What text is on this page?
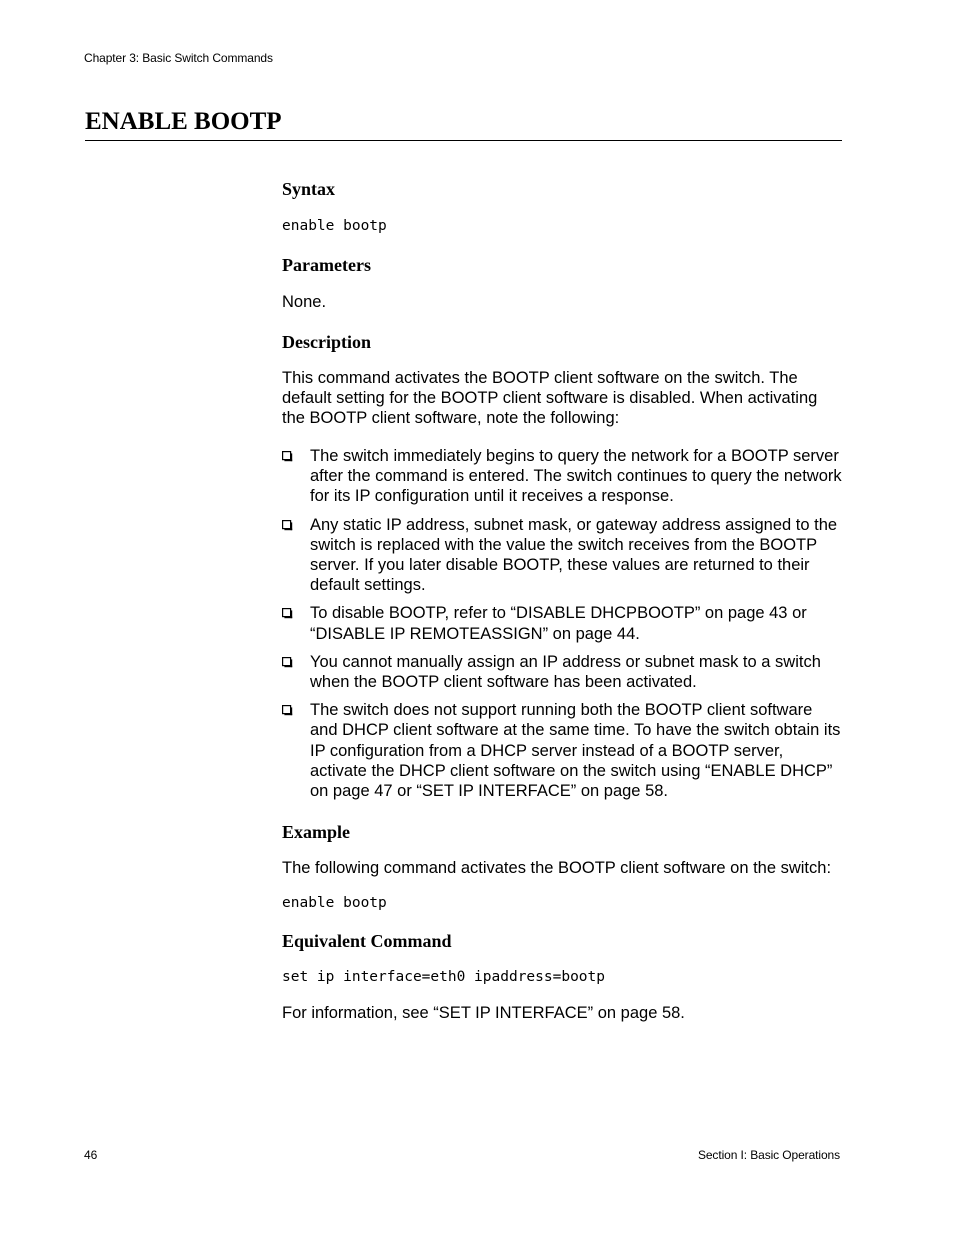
Chapter 3: Basic Switch Commands
ENABLE BOOTP
Syntax

enable bootp

Parameters

None.

Description

This command activates the BOOTP client software on the switch. The default setting for the BOOTP client software is disabled. When activating the BOOTP client software, note the following:

The switch immediately begins to query the network for a BOOTP server after the command is entered. The switch continues to query the network for its IP configuration until it receives a response.
Any static IP address, subnet mask, or gateway address assigned to the switch is replaced with the value the switch receives from the BOOTP server. If you later disable BOOTP, these values are returned to their default settings.
To disable BOOTP, refer to “DISABLE DHCPBOOTP” on page 43 or “DISABLE IP REMOTEASSIGN” on page 44.
You cannot manually assign an IP address or subnet mask to a switch when the BOOTP client software has been activated.
The switch does not support running both the BOOTP client software and DHCP client software at the same time. To have the switch obtain its IP configuration from a DHCP server instead of a BOOTP server, activate the DHCP client software on the switch using “ENABLE DHCP” on page 47 or “SET IP INTERFACE” on page 58.
Example

The following command activates the BOOTP client software on the switch:

enable bootp

Equivalent Command

set ip interface=eth0 ipaddress=bootp

For information, see “SET IP INTERFACE” on page 58.

46	Section I: Basic Operations
